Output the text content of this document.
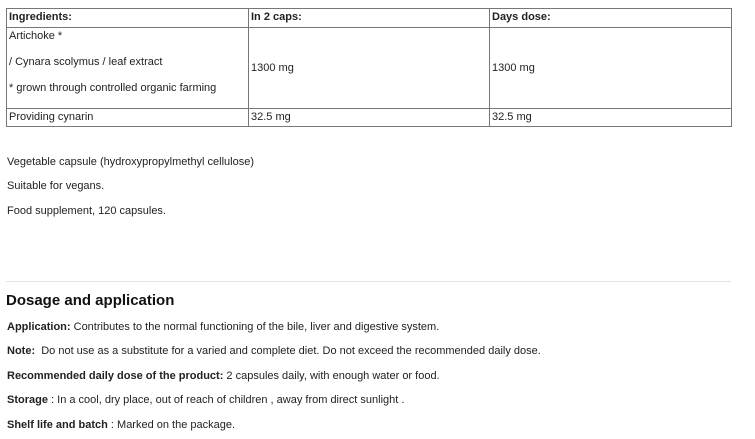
Ingredients:	In 2 caps:	Days dose:

Artichoke *
/ Cynara scolymus / leaf extract
* grown through controlled organic farming	1300 mg	1300 mg
Providing cynarin	32.5 mg	32.5 mg
Vegetable capsule (hydroxypropylmethyl cellulose)
Suitable for vegans.
Food supplement, 120 capsules.
Dosage and application
Application: Contributes to the normal functioning of the bile, liver and digestive system.
Note:  Do not use as a substitute for a varied and complete diet. Do not exceed the recommended daily dose.
Recommended daily dose of the product: 2 capsules daily, with enough water or food.
Storage : In a cool, dry place, out of reach of children , away from direct sunlight .
Shelf life and batch : Marked on the package.
